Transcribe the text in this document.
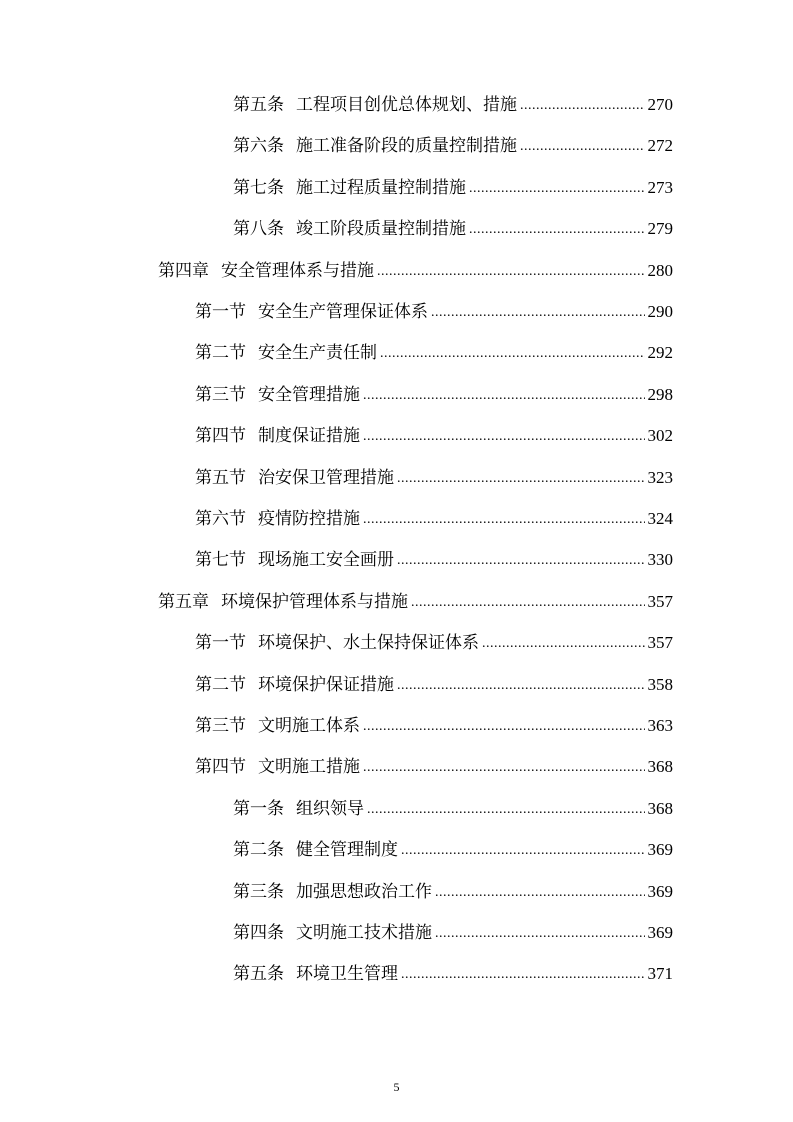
第五条 工程项目创优总体规划、措施 .....	270
第六条 施工准备阶段的质量控制措施 .....	272
第七条 施工过程质量控制措施 .....	273
第八条 竣工阶段质量控制措施 .....	279
第四章 安全管理体系与措施 .....	280
第一节 安全生产管理保证体系 .....	290
第二节 安全生产责任制 .....	292
第三节 安全管理措施 .....	298
第四节 制度保证措施 .....	302
第五节 治安保卫管理措施 .....	323
第六节 疫情防控措施 .....	324
第七节 现场施工安全画册 .....	330
第五章 环境保护管理体系与措施 .....	357
第一节 环境保护、水土保持保证体系 .....	357
第二节 环境保护保证措施 .....	358
第三节 文明施工体系 .....	363
第四节 文明施工措施 .....	368
第一条 组织领导 .....	368
第二条 健全管理制度 .....	369
第三条 加强思想政治工作 .....	369
第四条 文明施工技术措施 .....	369
第五条 环境卫生管理 .....	371
5
